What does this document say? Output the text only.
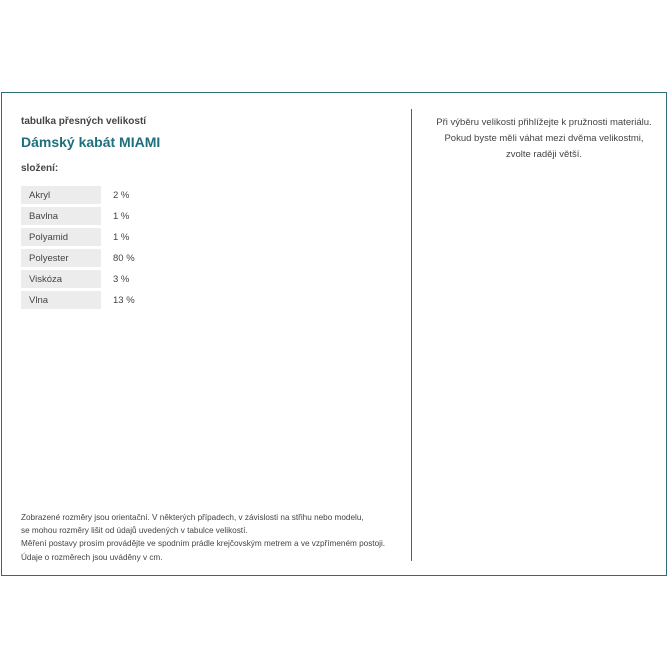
tabulka přesných velikostí

Dámský kabát MIAMI

složení:

Akryl	2 %
Bavlna	1 %
Polyamid	1 %
Polyester	80 %
Viskóza	3 %
Vlna	13 %

Zobrazené rozměry jsou orientační. V některých případech, v závislosti na střihu nebo modelu,

se mohou rozměry lišit od údajů uvedených v tabulce velikostí.

Měření postavy prosím provádějte ve spodním prádle krejčovským metrem a ve vzpřímeném postoji.

Údaje o rozměrech jsou uváděny v cm.

Při výběru velikosti přihlížejte k pružnosti materiálu.

Pokud byste měli váhat mezi dvěma velikostmi,

zvolte raději větší.
